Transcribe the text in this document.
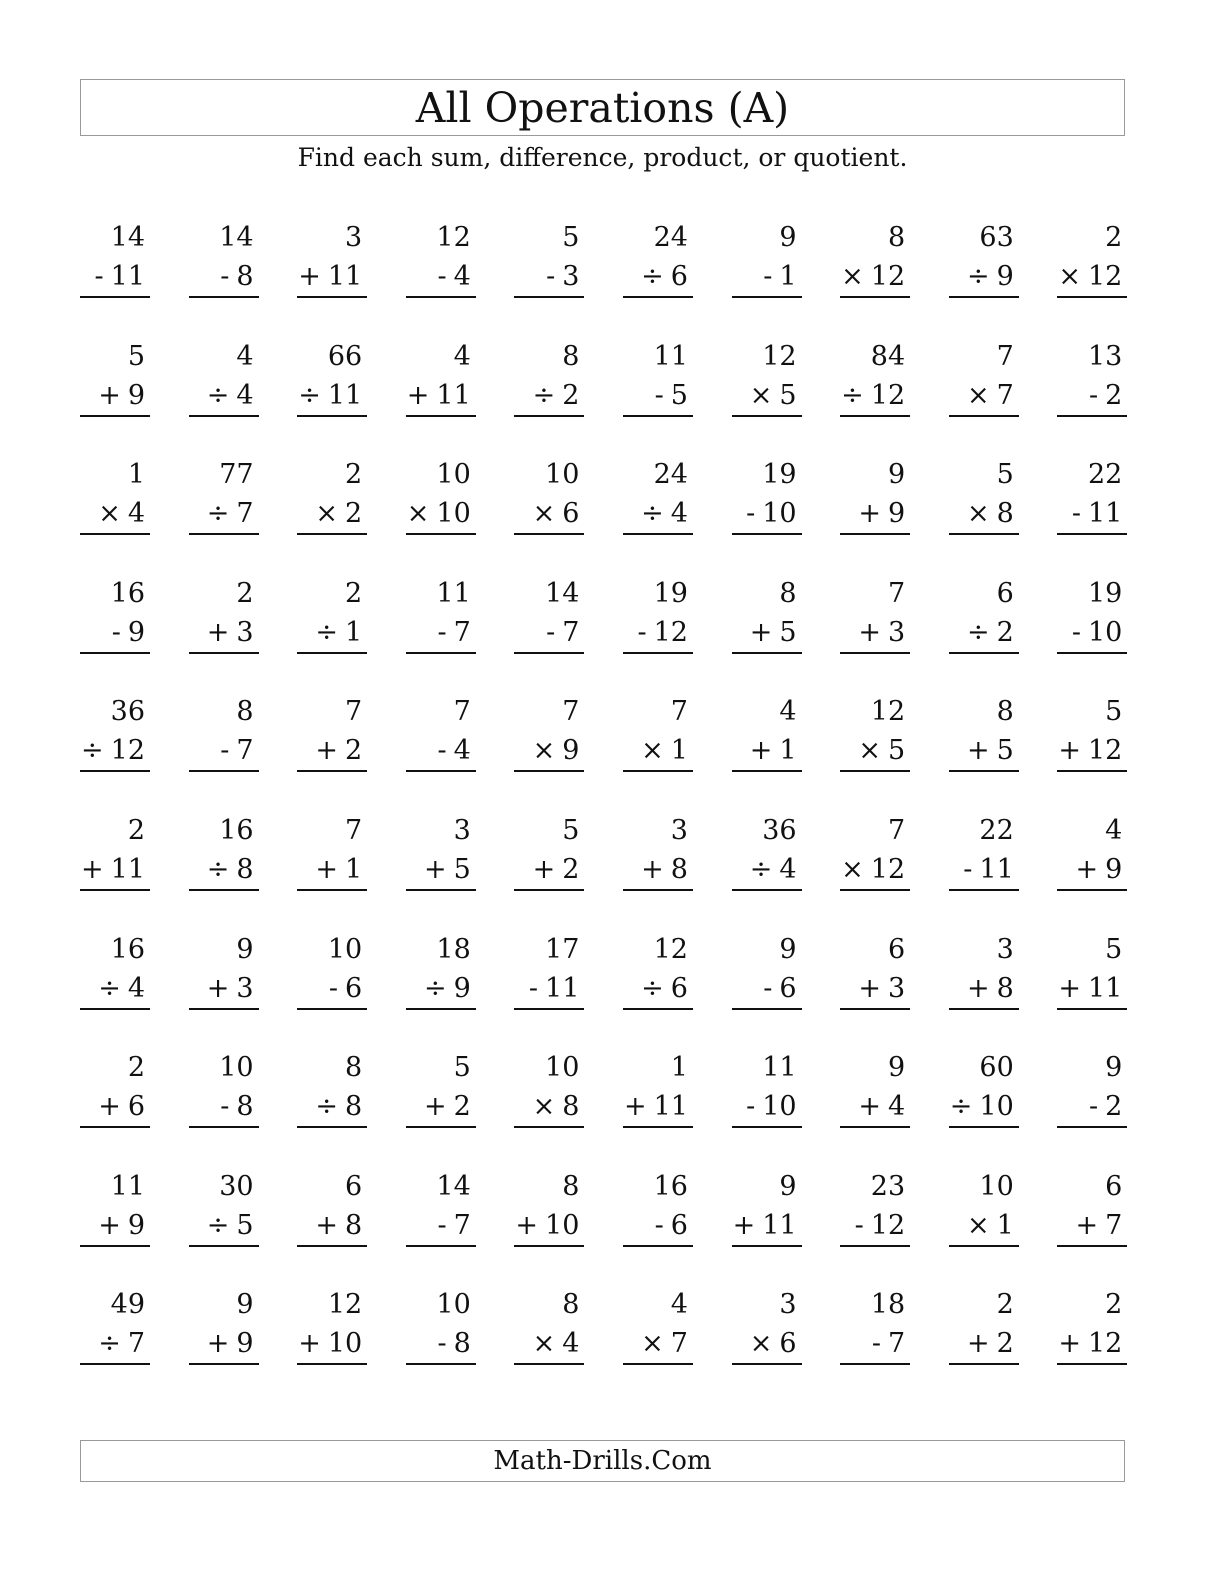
All Operations (A)
Find each sum, difference, product, or quotient.
14
- 11
14
- 8
3
+ 11
12
- 4
5
- 3
24
÷ 6
9
- 1
8
× 12
63
÷ 9
2
× 12
5
+ 9
4
÷ 4
66
÷ 11
4
+ 11
8
÷ 2
11
- 5
12
× 5
84
÷ 12
7
× 7
13
- 2
1
× 4
77
÷ 7
2
× 2
10
× 10
10
× 6
24
÷ 4
19
- 10
9
+ 9
5
× 8
22
- 11
16
- 9
2
+ 3
2
÷ 1
11
- 7
14
- 7
19
- 12
8
+ 5
7
+ 3
6
÷ 2
19
- 10
36
÷ 12
8
- 7
7
+ 2
7
- 4
7
× 9
7
× 1
4
+ 1
12
× 5
8
+ 5
5
+ 12
2
+ 11
16
÷ 8
7
+ 1
3
+ 5
5
+ 2
3
+ 8
36
÷ 4
7
× 12
22
- 11
4
+ 9
16
÷ 4
9
+ 3
10
- 6
18
÷ 9
17
- 11
12
÷ 6
9
- 6
6
+ 3
3
+ 8
5
+ 11
2
+ 6
10
- 8
8
÷ 8
5
+ 2
10
× 8
1
+ 11
11
- 10
9
+ 4
60
÷ 10
9
- 2
11
+ 9
30
÷ 5
6
+ 8
14
- 7
8
+ 10
16
- 6
9
+ 11
23
- 12
10
× 1
6
+ 7
49
÷ 7
9
+ 9
12
+ 10
10
- 8
8
× 4
4
× 7
3
× 6
18
- 7
2
+ 2
2
+ 12
Math-Drills.Com
